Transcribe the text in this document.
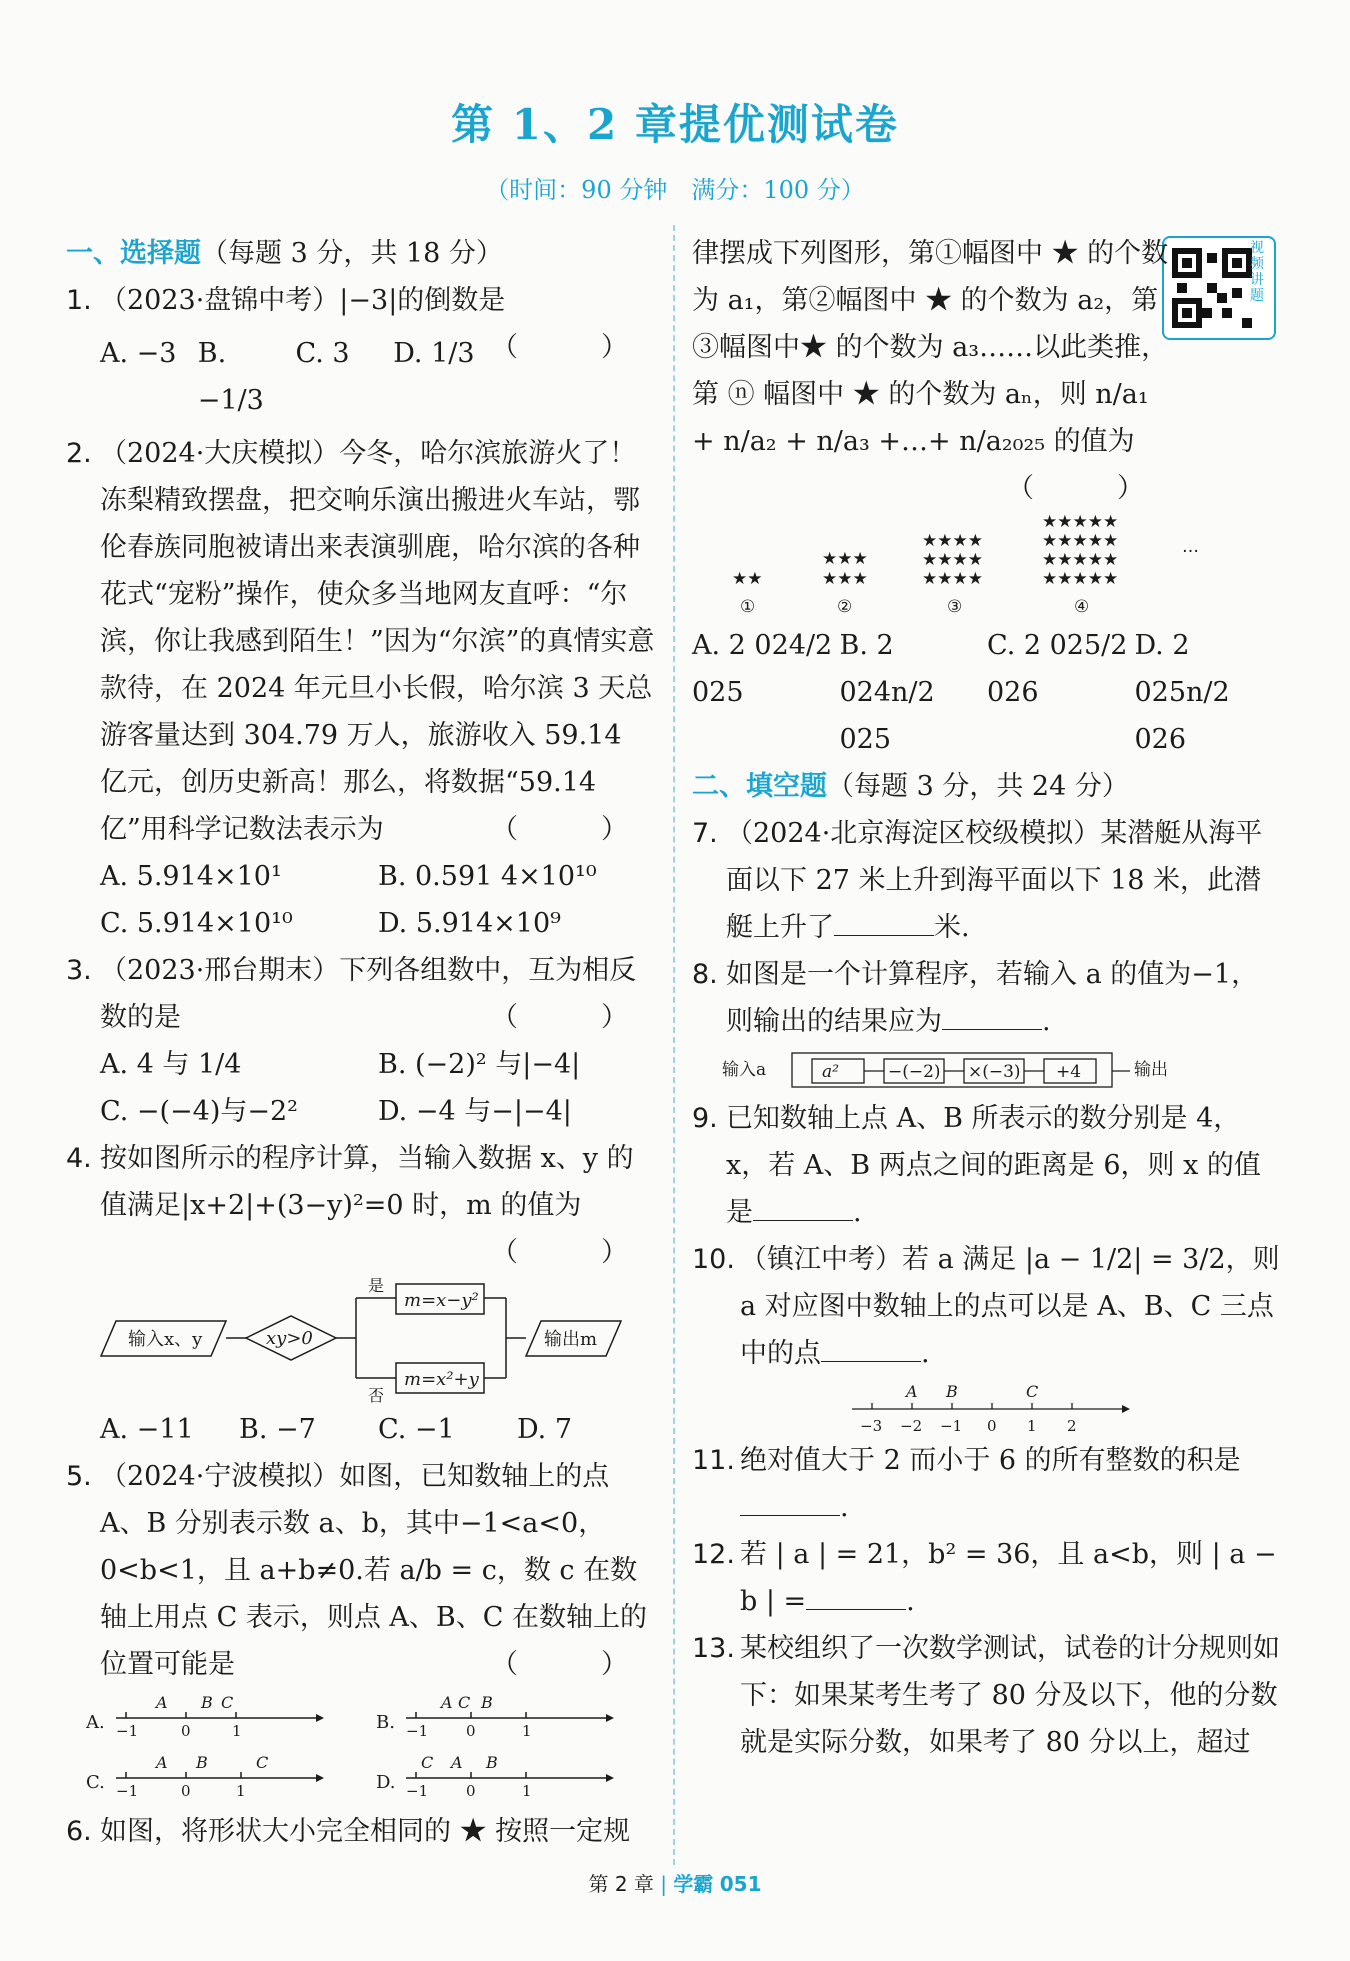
第 1、2 章提优测试卷
（时间：90 分钟　满分：100 分）
一、选择题（每题 3 分，共 18 分）
1. （2023·盘锦中考）|−3|的倒数是
（　）
A. −3 B. −1/3
C. 3	D. 1/3
2. （2024·大庆模拟）今冬，哈尔滨旅游火了！冻梨精致摆盘，把交响乐演出搬进火车站，鄂伦春族同胞被请出来表演驯鹿，哈尔滨的各种花式“宠粉”操作，使众多当地网友直呼：“尔滨，你让我感到陌生！”因为“尔滨”的真情实意款待，在 2024 年元旦小长假，哈尔滨 3 天总游客量达到 304.79 万人，旅游收入 59.14 亿元，创历史新高！那么，将数据“59.14 亿”用科学记数法表示为	（　）
A. 5.914×10¹	B. 0.591 4×10¹⁰
C. 5.914×10¹⁰	D. 5.914×10⁹
3. （2023·邢台期末）下列各组数中，互为相反数的是	（　）
A. 4 与 1/4	B. (−2)² 与|−4|
C. −(−4)与−2²	D. −4 与−|−4|
4. 按如图所示的程序计算，当输入数据 x、y 的值满足|x+2|+(3−y)²=0 时，m 的值为
（　）
输入x、y	xy>0
是
否
m=x−y²
m=x²+y
输出m
A. −11	B. −7	C. −1	D. 7
5. （2024·宁波模拟）如图，已知数轴上的点 A、B 分别表示数 a、b，其中−1<a<0，0<b<1，且 a+b≠0.若 a/b = c，数 c 在数轴上用点 C 表示，则点 A、B、C 在数轴上的位置可能是	（　）
A. −1	0	1
A B C
B. −1	0	1
A C B
C. −1	0	1
A B	C
D. −1	0	1
C A B
6. 如图，将形状大小完全相同的 ★ 按照一定规
视频讲题
律摆成下列图形，第①幅图中 ★ 的个数为 a₁，第②幅图中 ★ 的个数为 a₂，第③幅图中★ 的个数为 a₃……以此类推，第 ⓝ 幅图中 ★ 的个数为 aₙ，则 n/a₁ + n/a₂ + n/a₃ +…+ n/a₂₀₂₅ 的值为
（　）
★★
★★★
★★★
★★★★
★★★★
★★★★
★★★★★
★★★★★
★★★★★
★★★★★
①	②	③	④
…
A. 2 024/2 025
B. 2 024n/2 025
C. 2 025/2 026
D. 2 025n/2 026
二、填空题（每题 3 分，共 24 分）
7. （2024·北京海淀区校级模拟）某潜艇从海平面以下 27 米上升到海平面以下 18 米，此潜艇上升了	米.
8. 如图是一个计算程序，若输入 a 的值为−1，则输出的结果应为	.
输入a	a²	−(−2) ×(−3) +4	输出
9. 已知数轴上点 A、B 所表示的数分别是 4，x，若 A、B 两点之间的距离是 6，则 x 的值是	.
10. （镇江中考）若 a 满足 |a − 1/2| = 3/2，则 a 对应图中数轴上的点可以是 A、B、C 三点中的点	.
−3 −2 −1 0 1 2
A B	C
11. 绝对值大于 2 而小于 6 的所有整数的积是.
12. 若 | a | = 21，b² = 36，且 a<b，则 | a − b | =	.
13. 某校组织了一次数学测试，试卷的计分规则如下：如果某考生考了 80 分及以下，他的分数就是实际分数，如果考了 80 分以上，超过
第 2 章 | 学霸 051
